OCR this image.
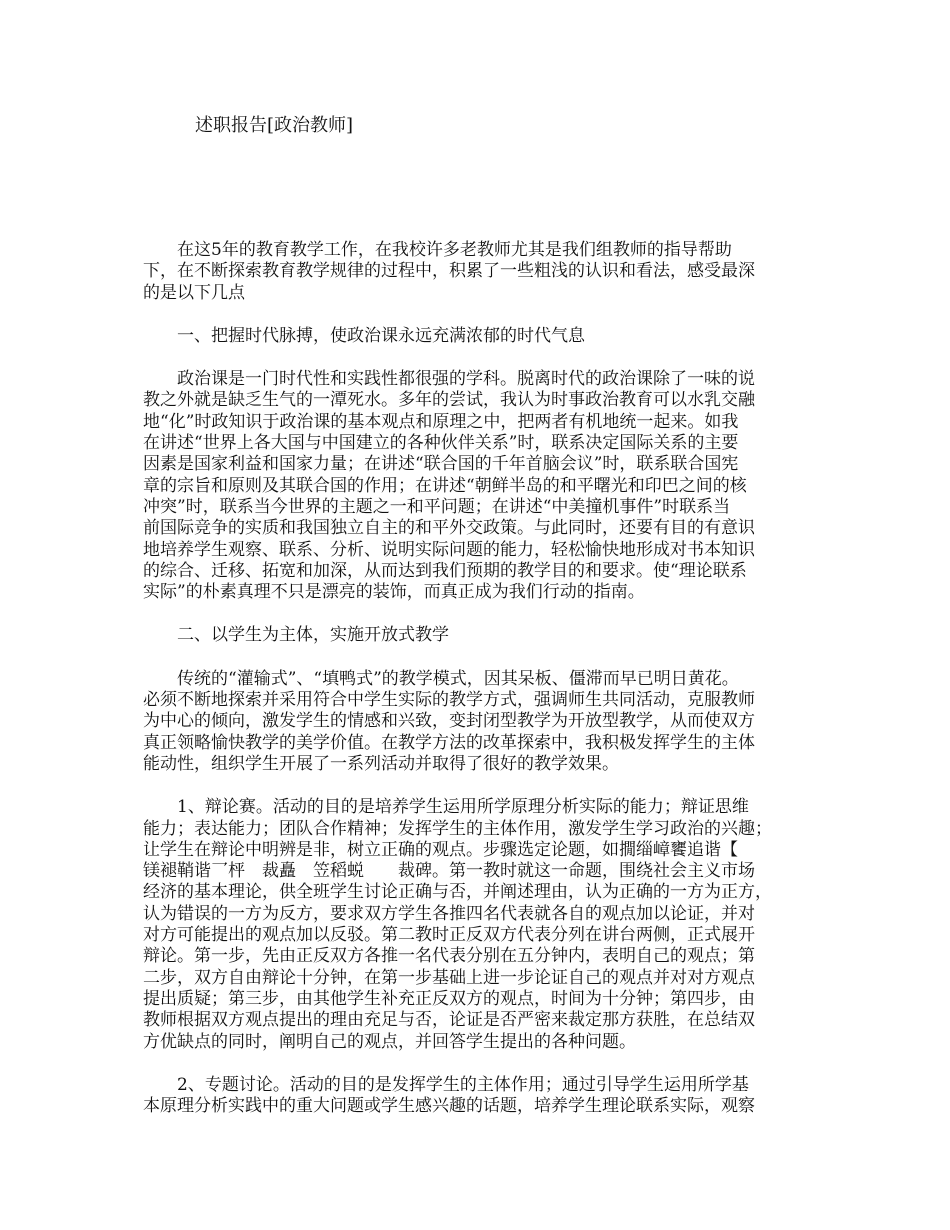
述职报告[政治教师]
在这5年的教育教学工作，在我校许多老教师尤其是我们组教师的指导帮助
下，在不断探索教育教学规律的过程中，积累了一些粗浅的认识和看法，感受最深
的是以下几点
一、把握时代脉搏，使政治课永远充满浓郁的时代气息
政治课是一门时代性和实践性都很强的学科。脱离时代的政治课除了一味的说
教之外就是缺乏生气的一潭死水。多年的尝试，我认为时事政治教育可以水乳交融
地“化”时政知识于政治课的基本观点和原理之中，把两者有机地统一起来。如我
在讲述“世界上各大国与中国建立的各种伙伴关系”时，联系决定国际关系的主要
因素是国家利益和国家力量；在讲述“联合国的千年首脑会议”时，联系联合国宪
章的宗旨和原则及其联合国的作用；在讲述“朝鲜半岛的和平曙光和印巴之间的核
冲突”时，联系当今世界的主题之一和平问题；在讲述“中美撞机事件”时联系当
前国际竞争的实质和我国独立自主的和平外交政策。与此同时，还要有目的有意识
地培养学生观察、联系、分析、说明实际问题的能力，轻松愉快地形成对书本知识
的综合、迁移、拓宽和加深，从而达到我们预期的教学目的和要求。使“理论联系
实际”的朴素真理不只是漂亮的装饰，而真正成为我们行动的指南。
二、以学生为主体，实施开放式教学
传统的“灌输式”、“填鸭式”的教学模式，因其呆板、僵滞而早已明日黄花。
必须不断地探索并采用符合中学生实际的教学方式，强调师生共同活动，克服教师
为中心的倾向，激发学生的情感和兴致，变封闭型教学为开放型教学，从而使双方
真正领略愉快教学的美学价值。在教学方法的改革探索中，我积极发挥学生的主体
能动性，组织学生开展了一系列活动并取得了很好的教学效果。
1、辩论赛。活动的目的是培养学生运用所学原理分析实际的能力；辩证思维
能力；表达能力；团队合作精神；发挥学生的主体作用，激发学生学习政治的兴趣；
让学生在辩论中明辨是非，树立正确的观点。步骤选定论题，如撊缁嶂饔追谐【
镁褪鞘谐乛枰　裁矗　笠稻蜕　　裁碑。第一教时就这一命题，围绕社会主义市场
经济的基本理论，供全班学生讨论正确与否，并阐述理由，认为正确的一方为正方，
认为错误的一方为反方，要求双方学生各推四名代表就各自的观点加以论证，并对
对方可能提出的观点加以反驳。第二教时正反双方代表分列在讲台两侧，正式展开
辩论。第一步，先由正反双方各推一名代表分别在五分钟内，表明自己的观点；第
二步，双方自由辩论十分钟，在第一步基础上进一步论证自己的观点并对对方观点
提出质疑；第三步，由其他学生补充正反双方的观点，时间为十分钟；第四步，由
教师根据双方观点提出的理由充足与否，论证是否严密来裁定那方获胜，在总结双
方优缺点的同时，阐明自己的观点，并回答学生提出的各种问题。
2、专题讨论。活动的目的是发挥学生的主体作用；通过引导学生运用所学基
本原理分析实践中的重大问题或学生感兴趣的话题，培养学生理论联系实际，观察
